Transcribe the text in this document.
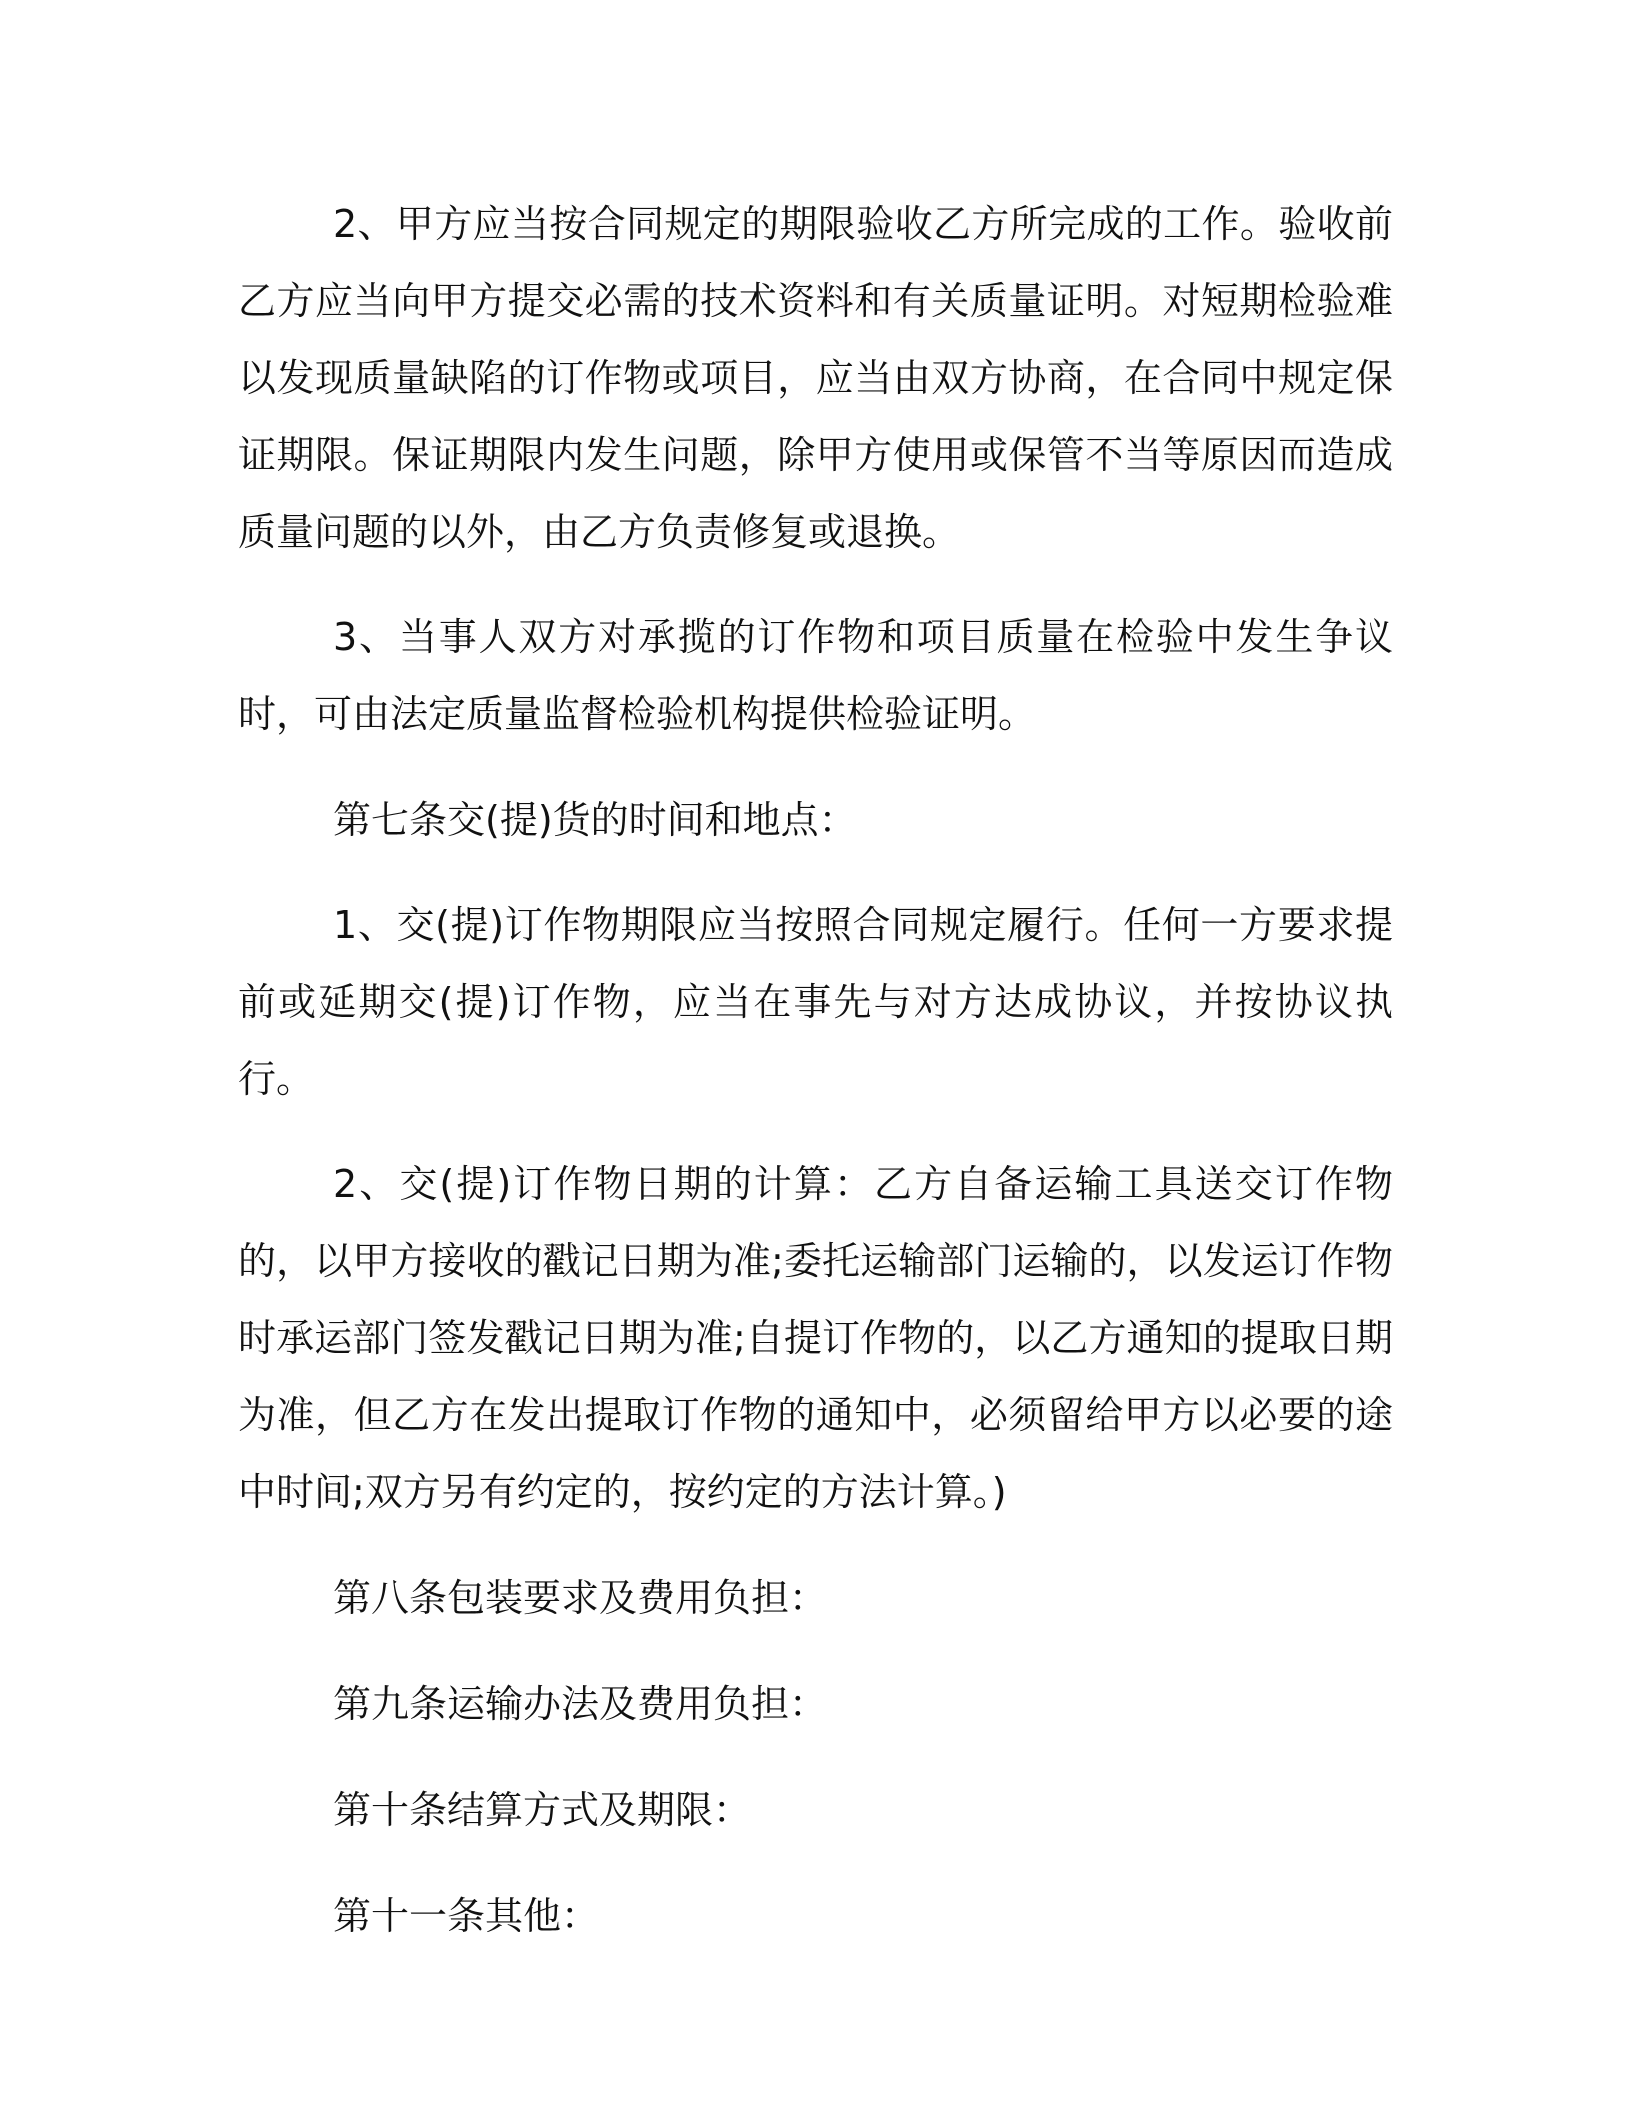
2、甲方应当按合同规定的期限验收乙方所完成的工作。验收前乙方应当向甲方提交必需的技术资料和有关质量证明。对短期检验难以发现质量缺陷的订作物或项目，应当由双方协商，在合同中规定保证期限。保证期限内发生问题，除甲方使用或保管不当等原因而造成质量问题的以外，由乙方负责修复或退换。

3、当事人双方对承揽的订作物和项目质量在检验中发生争议时，可由法定质量监督检验机构提供检验证明。

第七条交(提)货的时间和地点：

1、交(提)订作物期限应当按照合同规定履行。任何一方要求提前或延期交(提)订作物，应当在事先与对方达成协议，并按协议执行。

2、交(提)订作物日期的计算：乙方自备运输工具送交订作物的，以甲方接收的戳记日期为准;委托运输部门运输的，以发运订作物时承运部门签发戳记日期为准;自提订作物的，以乙方通知的提取日期为准，但乙方在发出提取订作物的通知中，必须留给甲方以必要的途中时间;双方另有约定的，按约定的方法计算。)

第八条包装要求及费用负担：

第九条运输办法及费用负担：

第十条结算方式及期限：

第十一条其他：
